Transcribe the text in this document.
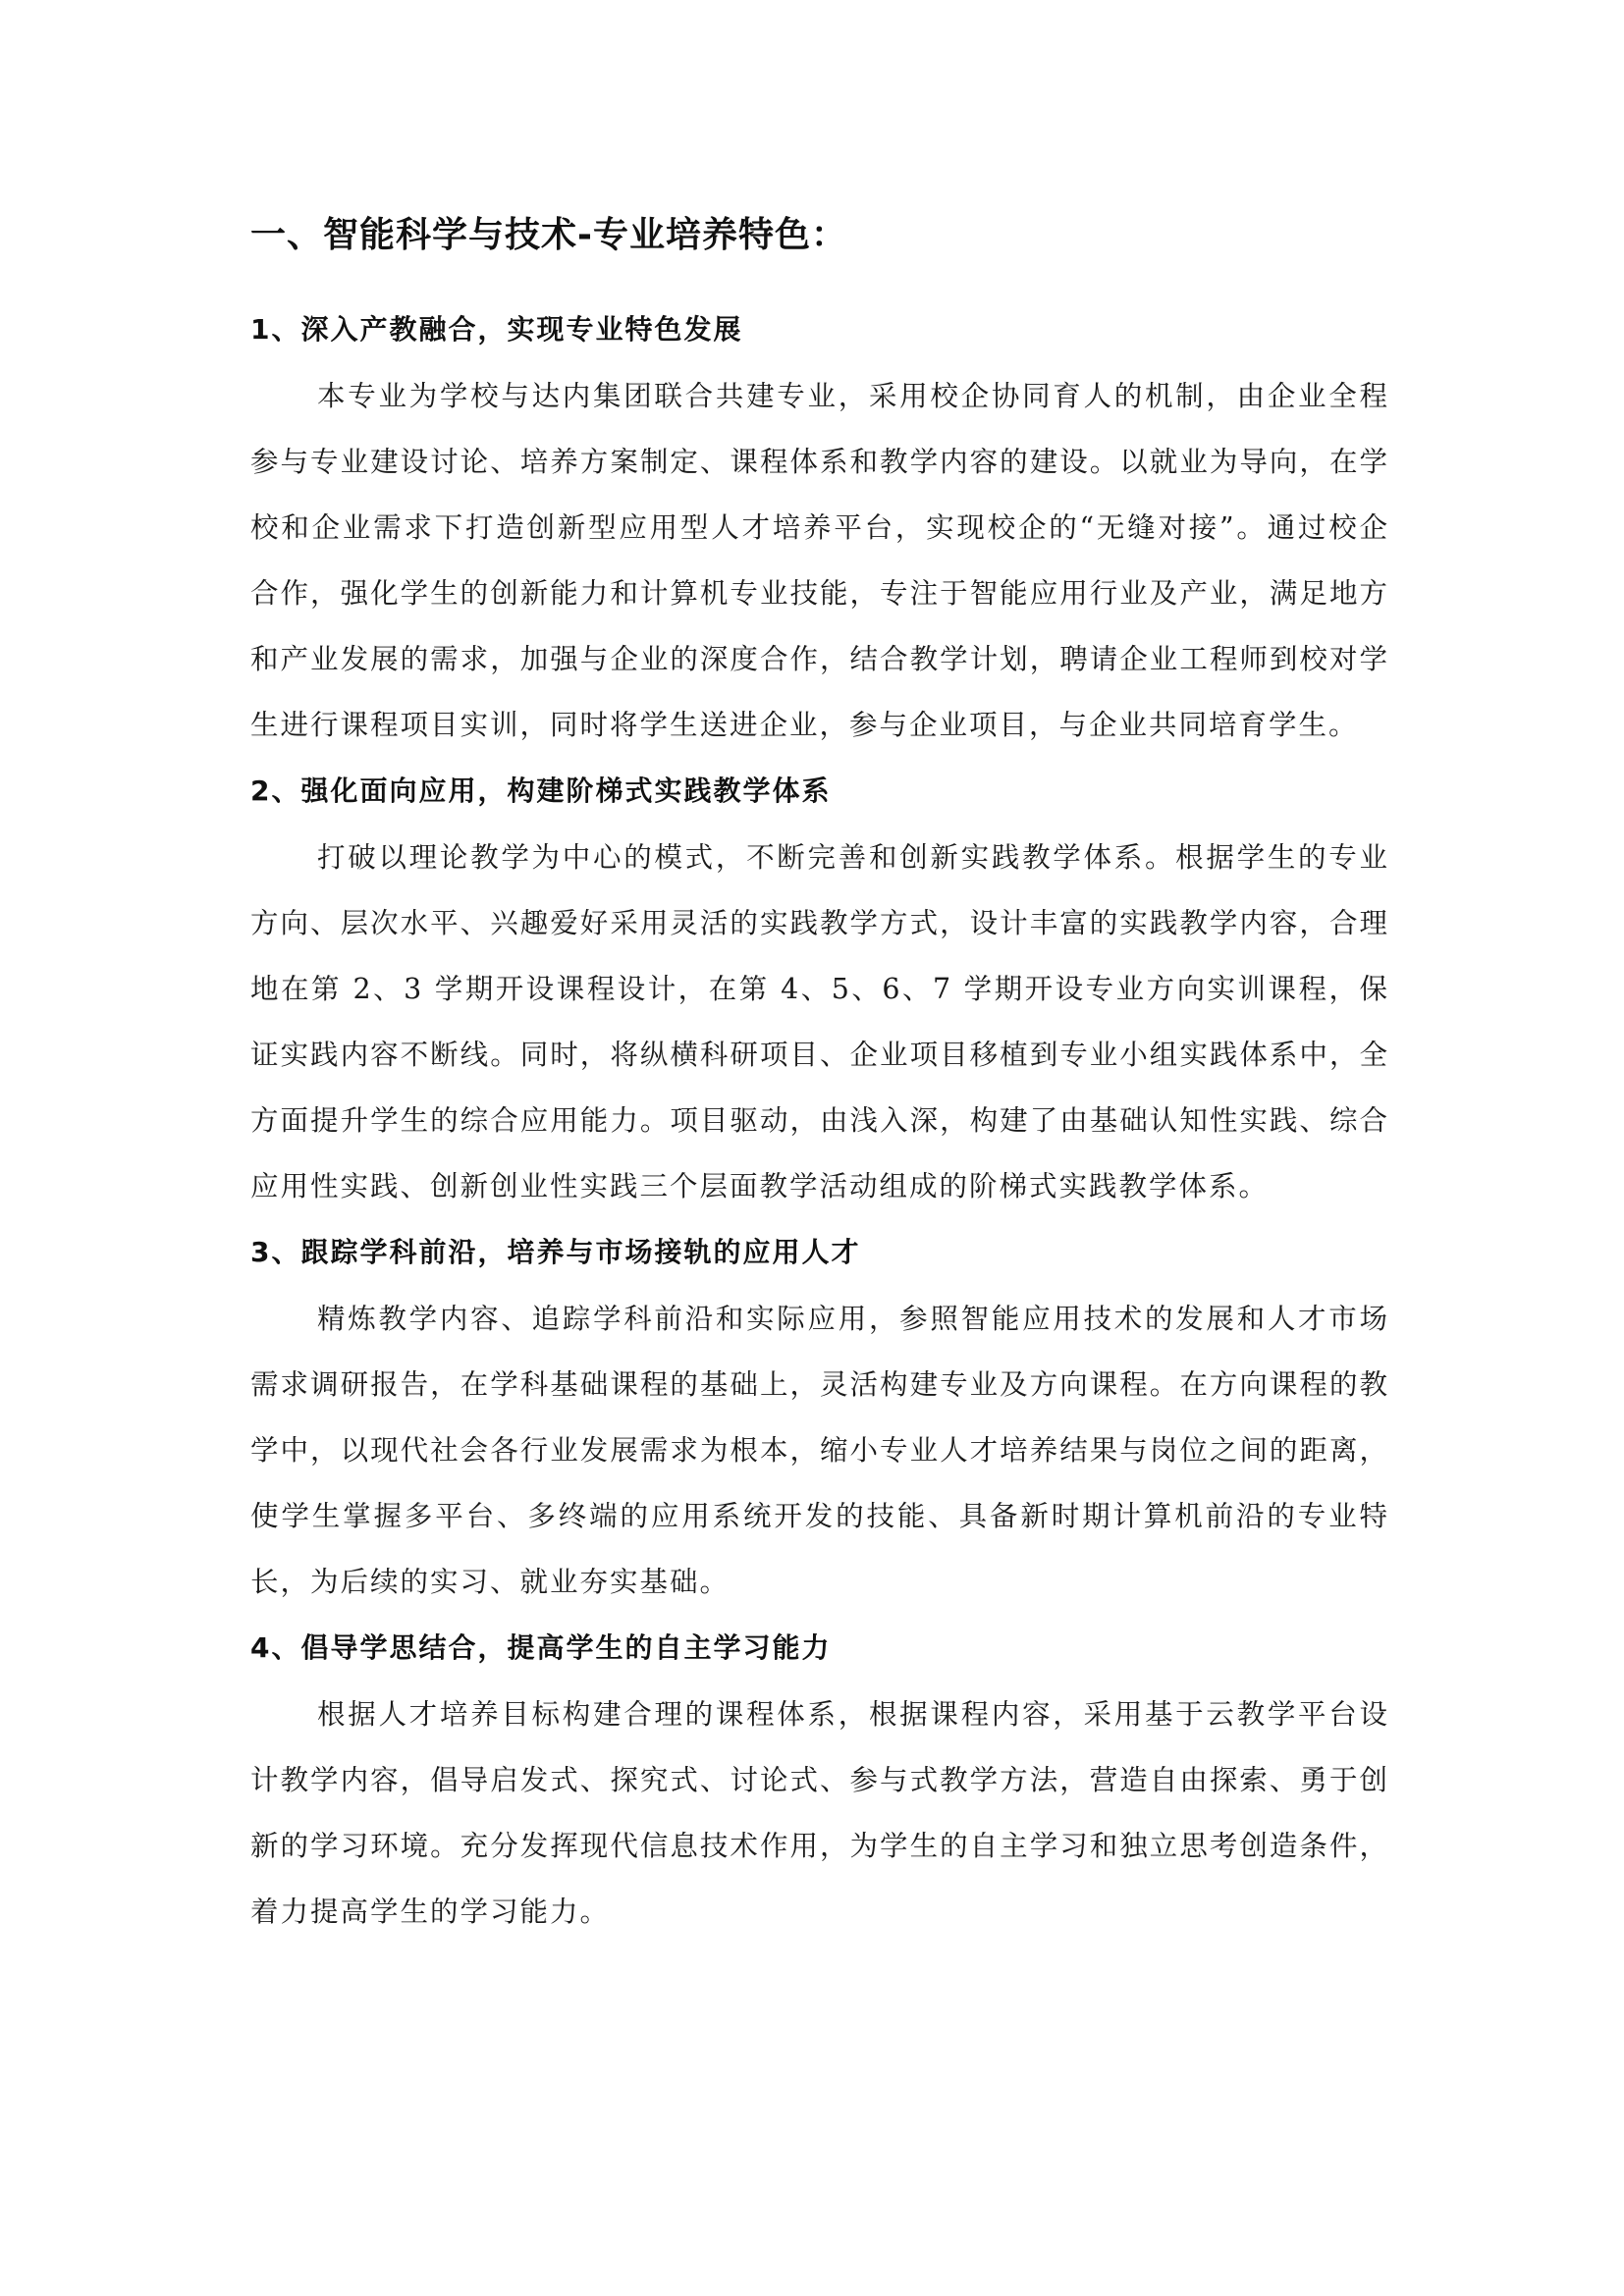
一、智能科学与技术-专业培养特色：

1、深入产教融合，实现专业特色发展

本专业为学校与达内集团联合共建专业，采用校企协同育人的机制，由企业全程参与专业建设讨论、培养方案制定、课程体系和教学内容的建设。以就业为导向，在学校和企业需求下打造创新型应用型人才培养平台，实现校企的“无缝对接”。通过校企合作，强化学生的创新能力和计算机专业技能，专注于智能应用行业及产业，满足地方和产业发展的需求，加强与企业的深度合作，结合教学计划，聘请企业工程师到校对学生进行课程项目实训，同时将学生送进企业，参与企业项目，与企业共同培育学生。

2、强化面向应用，构建阶梯式实践教学体系

打破以理论教学为中心的模式，不断完善和创新实践教学体系。根据学生的专业方向、层次水平、兴趣爱好采用灵活的实践教学方式，设计丰富的实践教学内容，合理地在第 2、3 学期开设课程设计，在第 4、5、6、7 学期开设专业方向实训课程，保证实践内容不断线。同时，将纵横科研项目、企业项目移植到专业小组实践体系中，全方面提升学生的综合应用能力。项目驱动，由浅入深，构建了由基础认知性实践、综合应用性实践、创新创业性实践三个层面教学活动组成的阶梯式实践教学体系。

3、跟踪学科前沿，培养与市场接轨的应用人才

精炼教学内容、追踪学科前沿和实际应用，参照智能应用技术的发展和人才市场需求调研报告，在学科基础课程的基础上，灵活构建专业及方向课程。在方向课程的教学中，以现代社会各行业发展需求为根本，缩小专业人才培养结果与岗位之间的距离，使学生掌握多平台、多终端的应用系统开发的技能、具备新时期计算机前沿的专业特长，为后续的实习、就业夯实基础。

4、倡导学思结合，提高学生的自主学习能力

根据人才培养目标构建合理的课程体系，根据课程内容，采用基于云教学平台设计教学内容，倡导启发式、探究式、讨论式、参与式教学方法，营造自由探索、勇于创新的学习环境。充分发挥现代信息技术作用，为学生的自主学习和独立思考创造条件，着力提高学生的学习能力。
